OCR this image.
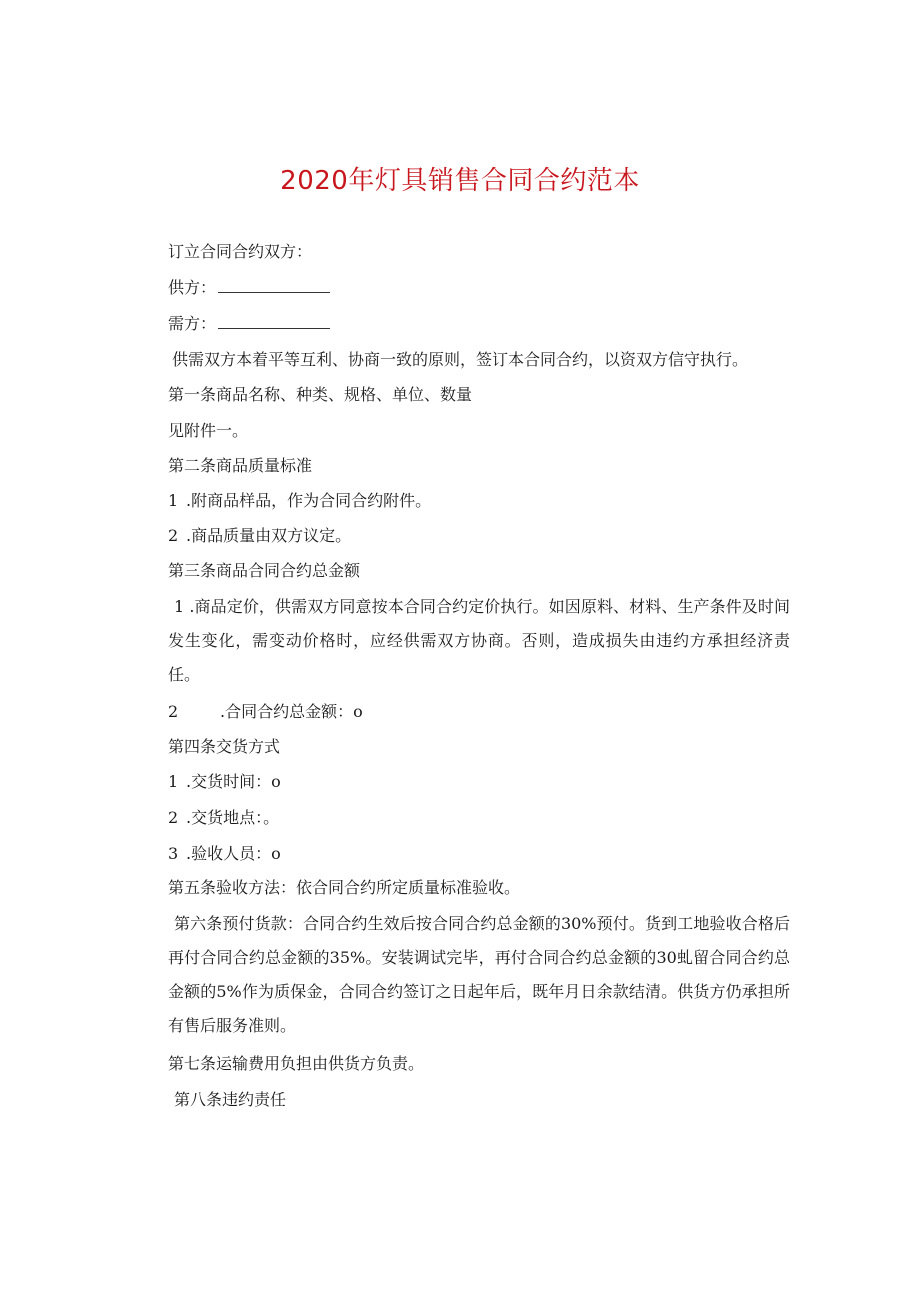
2020年灯具销售合同合约范本
订立合同合约双方：
供方：
需方：
供需双方本着平等互利、协商一致的原则，签订本合同合约，以资双方信守执行。
第一条商品名称、种类、规格、单位、数量
见附件一。
第二条商品质量标准
1 .附商品样品，作为合同合约附件。
2 .商品质量由双方议定。
第三条商品合同合约总金额
1 .商品定价，供需双方同意按本合同合约定价执行。如因原料、材料、生产条件及时间发生变化，需变动价格时，应经供需双方协商。否则，造成损失由违约方承担经济责任。
2	.合同合约总金额：o
第四条交货方式
1 .交货时间：o
2 .交货地点：。
3 .验收人员：o
第五条验收方法：依合同合约所定质量标准验收。
第六条预付货款：合同合约生效后按合同合约总金额的30%预付。货到工地验收合格后再付合同合约总金额的35%。安装调试完毕，再付合同合约总金额的30虬留合同合约总金额的5%作为质保金，合同合约签订之日起年后，既年月日余款结清。供货方仍承担所有售后服务准则。
第七条运输费用负担由供货方负责。
第八条违约责任
